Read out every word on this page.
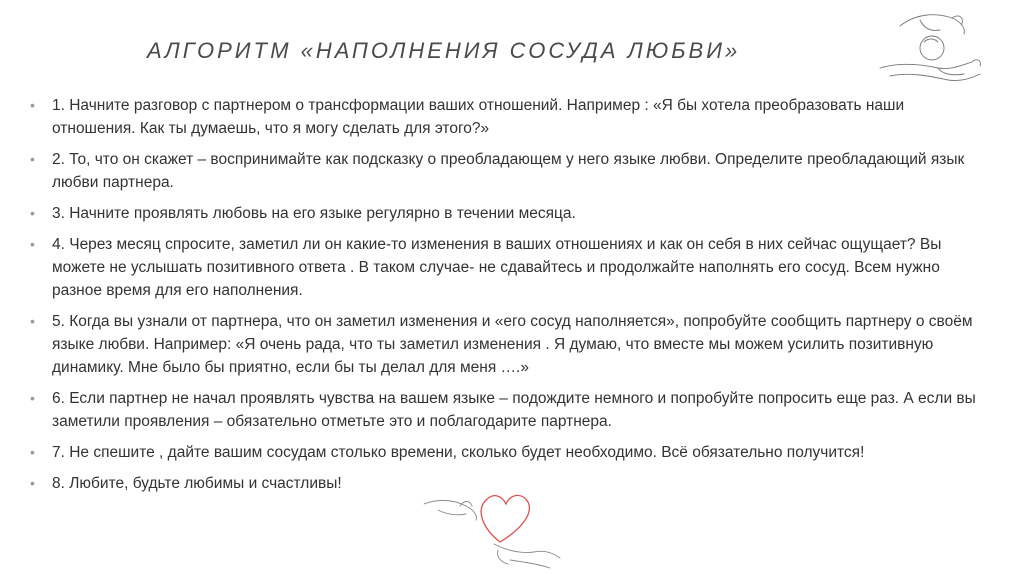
АЛГОРИТМ «НАПОЛНЕНИЯ СОСУДА ЛЮБВИ»
• 1. Начните разговор с партнером о трансформации ваших отношений. Например : «Я бы хотела преобразовать наши отношения. Как ты думаешь, что я могу сделать для этого?»
• 2. То, что он скажет – воспринимайте как подсказку о преобладающем у него языке любви. Определите преобладающий язык любви партнера.
• 3. Начните проявлять любовь на его языке регулярно в течении месяца.
• 4. Через месяц спросите, заметил ли он какие-то изменения в ваших отношениях и как он себя в них сейчас ощущает? Вы можете не услышать позитивного ответа . В таком случае- не сдавайтесь и продолжайте наполнять его сосуд. Всем нужно разное время для его наполнения.
• 5. Когда вы узнали от партнера, что он заметил изменения и «его сосуд наполняется», попробуйте сообщить партнеру о своём языке любви. Например: «Я очень рада, что ты заметил изменения . Я думаю, что вместе мы можем усилить позитивную динамику. Мне было бы приятно, если бы ты делал для меня ….»
• 6. Если партнер не начал проявлять чувства на вашем языке – подождите немного и попробуйте попросить еще раз. А если вы заметили проявления – обязательно отметьте это и поблагодарите партнера.
• 7. Не спешите , дайте вашим сосудам столько времени, сколько будет необходимо. Всё обязательно получится!
• 8. Любите, будьте любимы и счастливы!
